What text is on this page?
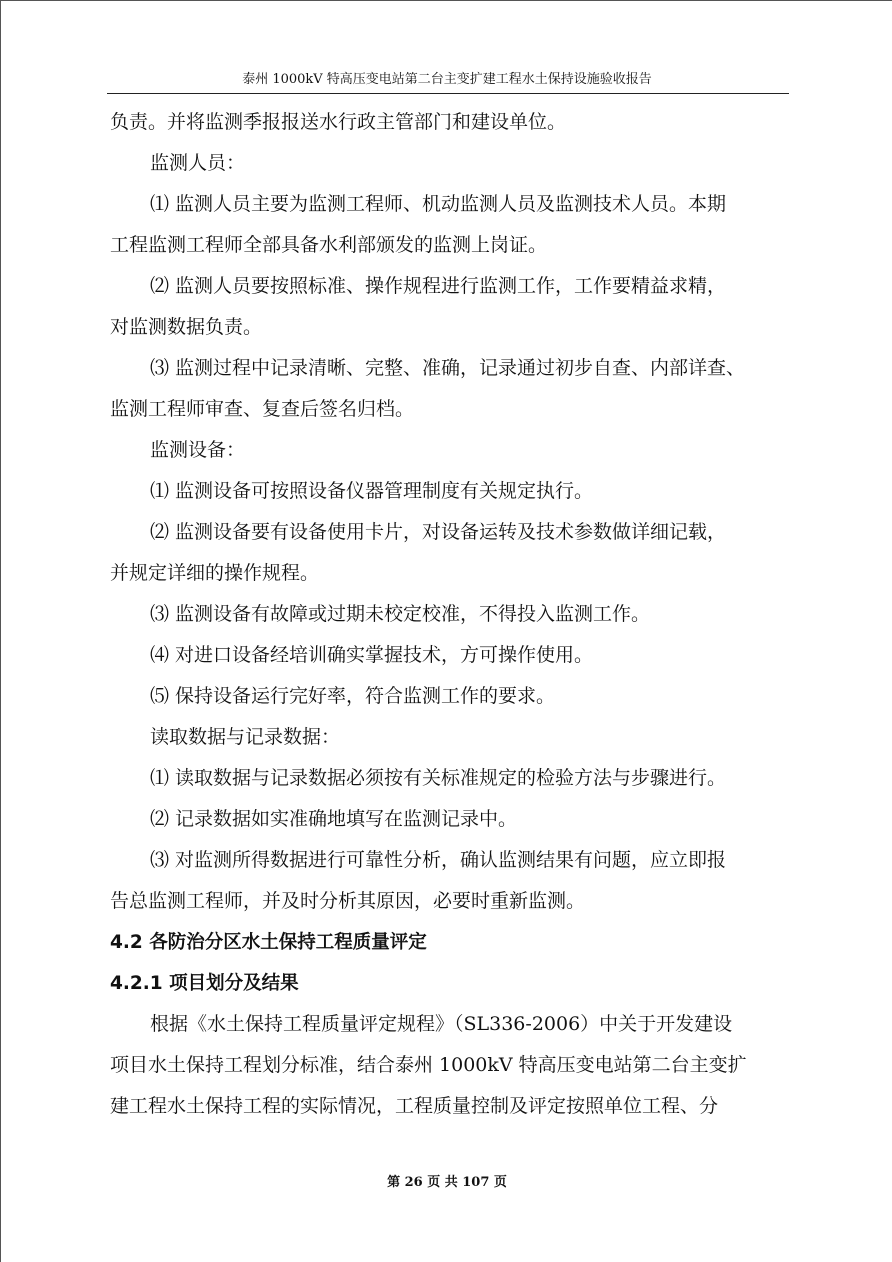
泰州 1000kV 特高压变电站第二台主变扩建工程水土保持设施验收报告

负责。并将监测季报报送水行政主管部门和建设单位。

监测人员：

⑴ 监测人员主要为监测工程师、机动监测人员及监测技术人员。本期

工程监测工程师全部具备水利部颁发的监测上岗证。

⑵ 监测人员要按照标准、操作规程进行监测工作，工作要精益求精，

对监测数据负责。

⑶ 监测过程中记录清晰、完整、准确，记录通过初步自查、内部详查、

监测工程师审查、复查后签名归档。

监测设备：

⑴ 监测设备可按照设备仪器管理制度有关规定执行。

⑵ 监测设备要有设备使用卡片，对设备运转及技术参数做详细记载，

并规定详细的操作规程。

⑶ 监测设备有故障或过期未校定校准，不得投入监测工作。

⑷ 对进口设备经培训确实掌握技术，方可操作使用。

⑸ 保持设备运行完好率，符合监测工作的要求。

读取数据与记录数据：

⑴ 读取数据与记录数据必须按有关标准规定的检验方法与步骤进行。

⑵ 记录数据如实准确地填写在监测记录中。

⑶ 对监测所得数据进行可靠性分析，确认监测结果有问题，应立即报

告总监测工程师，并及时分析其原因，必要时重新监测。

4.2 各防治分区水土保持工程质量评定

4.2.1 项目划分及结果

根据《水土保持工程质量评定规程》（SL336-2006）中关于开发建设

项目水土保持工程划分标准，结合泰州 1000kV 特高压变电站第二台主变扩

建工程水土保持工程的实际情况，工程质量控制及评定按照单位工程、分

第 26 页 共 107 页
